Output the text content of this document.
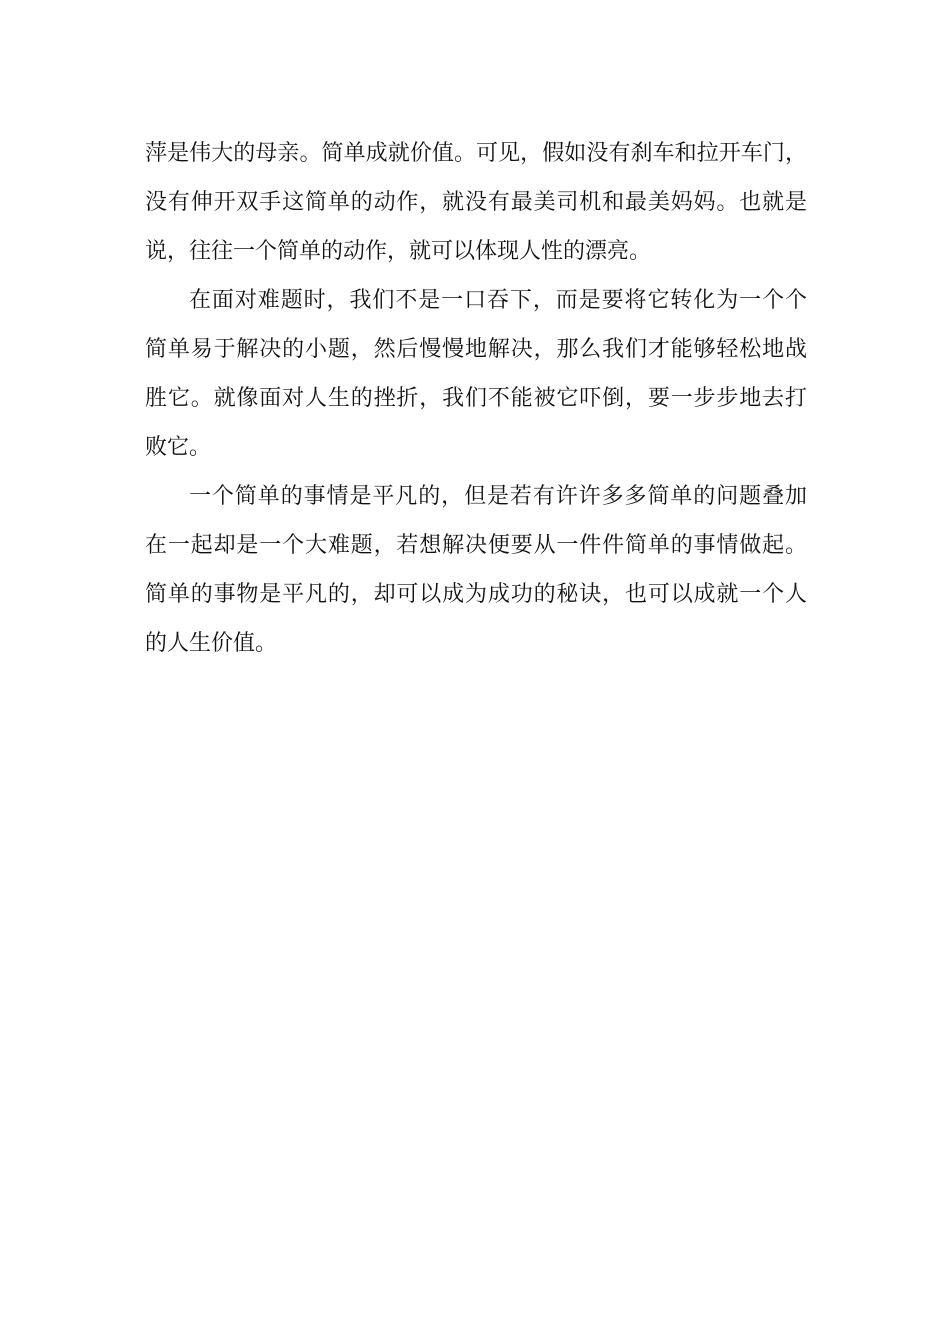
萍是伟大的母亲。简单成就价值。可见，假如没有刹车和拉开车门，
没有伸开双手这简单的动作，就没有最美司机和最美妈妈。也就是
说，往往一个简单的动作，就可以体现人性的漂亮。
在面对难题时，我们不是一口吞下，而是要将它转化为一个个
简单易于解决的小题，然后慢慢地解决，那么我们才能够轻松地战
胜它。就像面对人生的挫折，我们不能被它吓倒，要一步步地去打
败它。
一个简单的事情是平凡的，但是若有许许多多简单的问题叠加
在一起却是一个大难题，若想解决便要从一件件简单的事情做起。
简单的事物是平凡的，却可以成为成功的秘诀，也可以成就一个人
的人生价值。
